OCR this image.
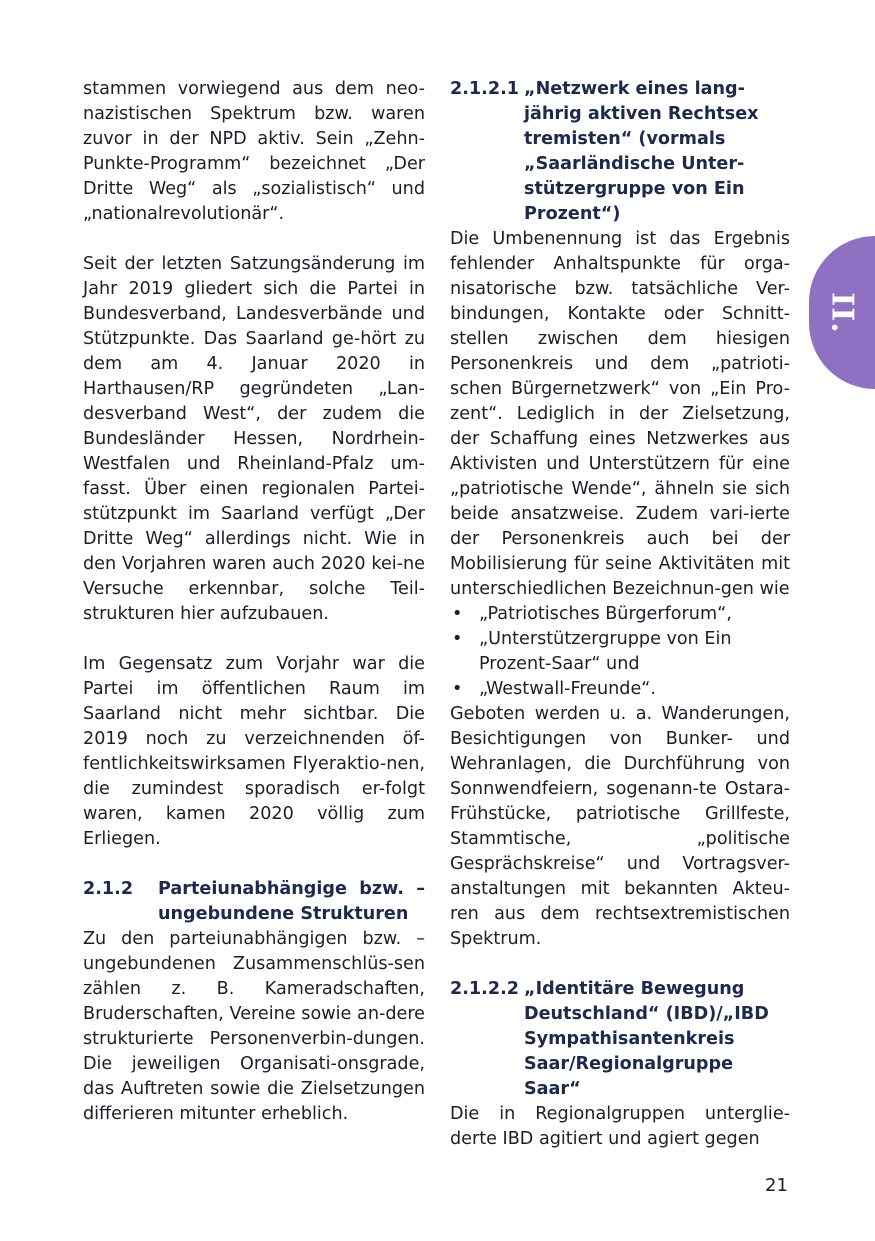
stammen vorwiegend aus dem neo-nazistischen Spektrum bzw. waren zuvor in der NPD aktiv. Sein „Zehn-Punkte-Programm“ bezeichnet „Der Dritte Weg“ als „sozialistisch“ und „nationalrevolutionär“.

Seit der letzten Satzungsänderung im Jahr 2019 gliedert sich die Partei in Bundesverband, Landesverbände und Stützpunkte. Das Saarland ge-hört zu dem am 4. Januar 2020 in Harthausen/RP gegründeten „Lan-desverband West“, der zudem die Bundesländer Hessen, Nordrhein-Westfalen und Rheinland-Pfalz um-fasst. Über einen regionalen Partei-stützpunkt im Saarland verfügt „Der Dritte Weg“ allerdings nicht. Wie in den Vorjahren waren auch 2020 kei-ne Versuche erkennbar, solche Teil-strukturen hier aufzubauen.

Im Gegensatz zum Vorjahr war die Partei im öffentlichen Raum im Saarland nicht mehr sichtbar. Die 2019 noch zu verzeichnenden öf-fentlichkeitswirksamen Flyeraktio-nen, die zumindest sporadisch er-folgt waren, kamen 2020 völlig zum Erliegen.

2.1.2	Parteiunabhängige bzw. –ungebundene Strukturen

Zu den parteiunabhängigen bzw. –ungebundenen Zusammenschlüs-sen zählen z. B. Kameradschaften, Bruderschaften, Vereine sowie an-dere strukturierte Personenverbin-dungen. Die jeweiligen Organisati-onsgrade, das Auftreten sowie die Zielsetzungen differieren mitunter erheblich.

2.1.2.1 „Netzwerk eines lang-jährig aktiven Rechtsex tremisten“ (vormals „Saarländische Unter-stützergruppe von Ein Prozent“)

Die Umbenennung ist das Ergebnis fehlender Anhaltspunkte für orga-nisatorische bzw. tatsächliche Ver-bindungen, Kontakte oder Schnitt-stellen zwischen dem hiesigen Personenkreis und dem „patrioti-schen Bürgernetzwerk“ von „Ein Pro-zent“. Lediglich in der Zielsetzung, der Schaffung eines Netzwerkes aus Aktivisten und Unterstützern für eine „patriotische Wende“, ähneln sie sich beide ansatzweise. Zudem vari-ierte der Personenkreis auch bei der Mobilisierung für seine Aktivitäten mit unterschiedlichen Bezeichnun-gen wie

• „Patriotisches Bürgerforum“,
• „Unterstützergruppe von Ein Prozent-Saar“ und
• „Westwall-Freunde“.

Geboten werden u. a. Wanderungen, Besichtigungen von Bunker- und Wehranlagen, die Durchführung von Sonnwendfeiern, sogenann-te Ostara-Frühstücke, patriotische Grillfeste, Stammtische, „politische Gesprächskreise“ und Vortragsver-anstaltungen mit bekannten Akteu-ren aus dem rechtsextremistischen Spektrum.

2.1.2.2 „Identitäre Bewegung Deutschland“ (IBD)/„IBD Sympathisantenkreis Saar/Regionalgruppe Saar“

Die in Regionalgruppen unterglie-derte IBD agitiert und agiert gegen

II.
21
